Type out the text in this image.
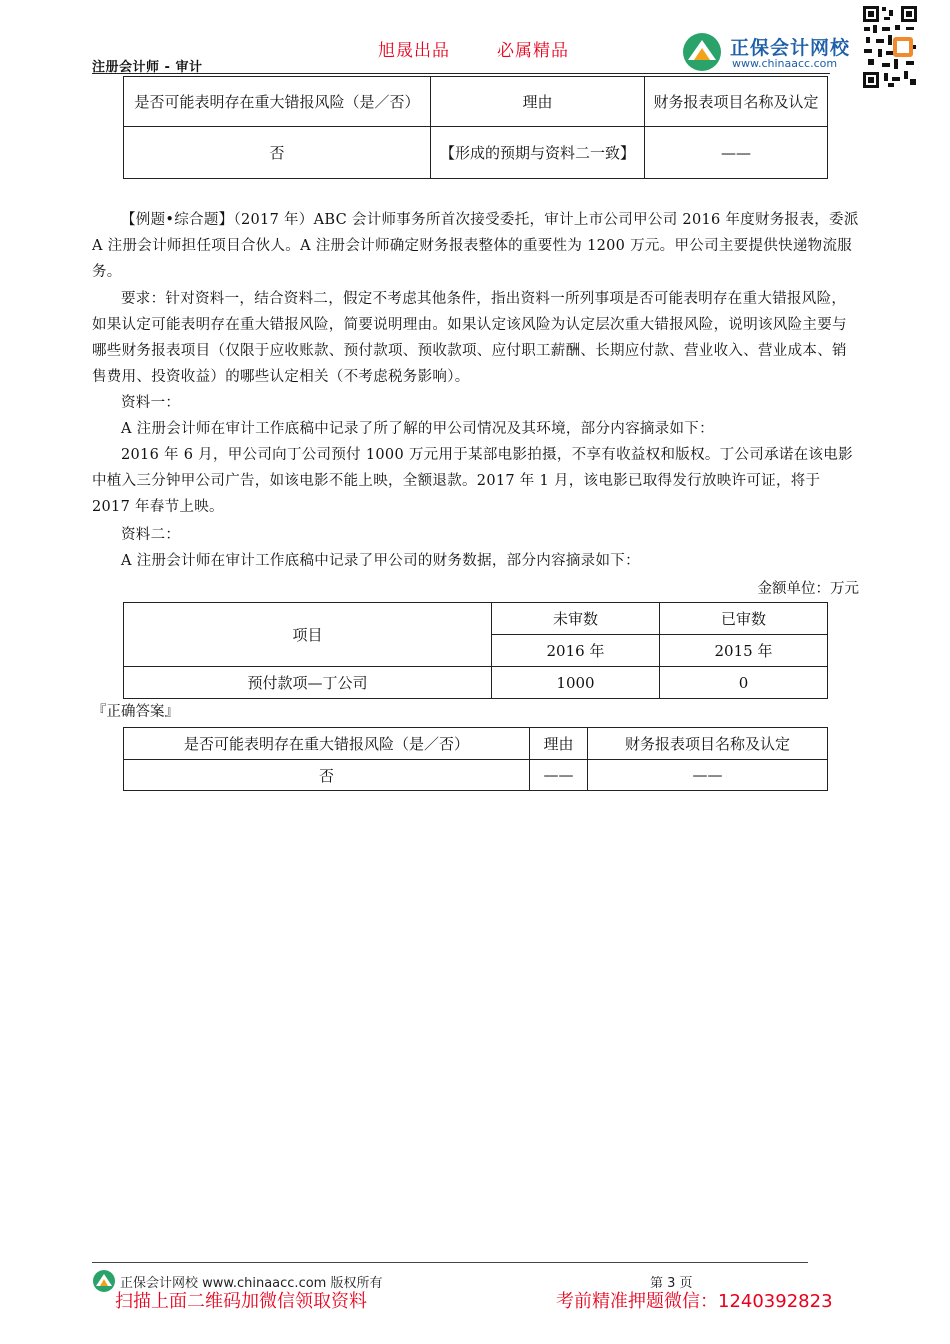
旭晟出品	必属精品
注册会计师 - 审计
正保会计网校
www.chinaacc.com
是否可能表明存在重大错报风险（是／否）	理由	财务报表项目名称及认定
否	【形成的预期与资料二一致】	——

【例题•综合题】（2017 年）ABC 会计师事务所首次接受委托，审计上市公司甲公司 2016 年度财务报表，委派 A 注册会计师担任项目合伙人。A 注册会计师确定财务报表整体的重要性为 1200 万元。甲公司主要提供快递物流服务。

要求：针对资料一，结合资料二，假定不考虑其他条件，指出资料一所列事项是否可能表明存在重大错报风险，如果认定可能表明存在重大错报风险，简要说明理由。如果认定该风险为认定层次重大错报风险，说明该风险主要与哪些财务报表项目（仅限于应收账款、预付款项、预收款项、应付职工薪酬、长期应付款、营业收入、营业成本、销售费用、投资收益）的哪些认定相关（不考虑税务影响）。

资料一：

A 注册会计师在审计工作底稿中记录了所了解的甲公司情况及其环境，部分内容摘录如下：

2016 年 6 月，甲公司向丁公司预付 1000 万元用于某部电影拍摄，不享有收益权和版权。丁公司承诺在该电影中植入三分钟甲公司广告，如该电影不能上映，全额退款。2017 年 1 月，该电影已取得发行放映许可证，将于 2017 年春节上映。

资料二：

A 注册会计师在审计工作底稿中记录了甲公司的财务数据，部分内容摘录如下：

金额单位：万元
项目	未审数	已审数
	2016 年	2015 年
预付款项—丁公司	1000	0
『正确答案』
是否可能表明存在重大错报风险（是／否）	理由	财务报表项目名称及认定
否	——	——
正保会计网校 www.chinaacc.com 版权所有	第 3 页
扫描上面二维码加微信领取资料	考前精准押题微信：1240392823
